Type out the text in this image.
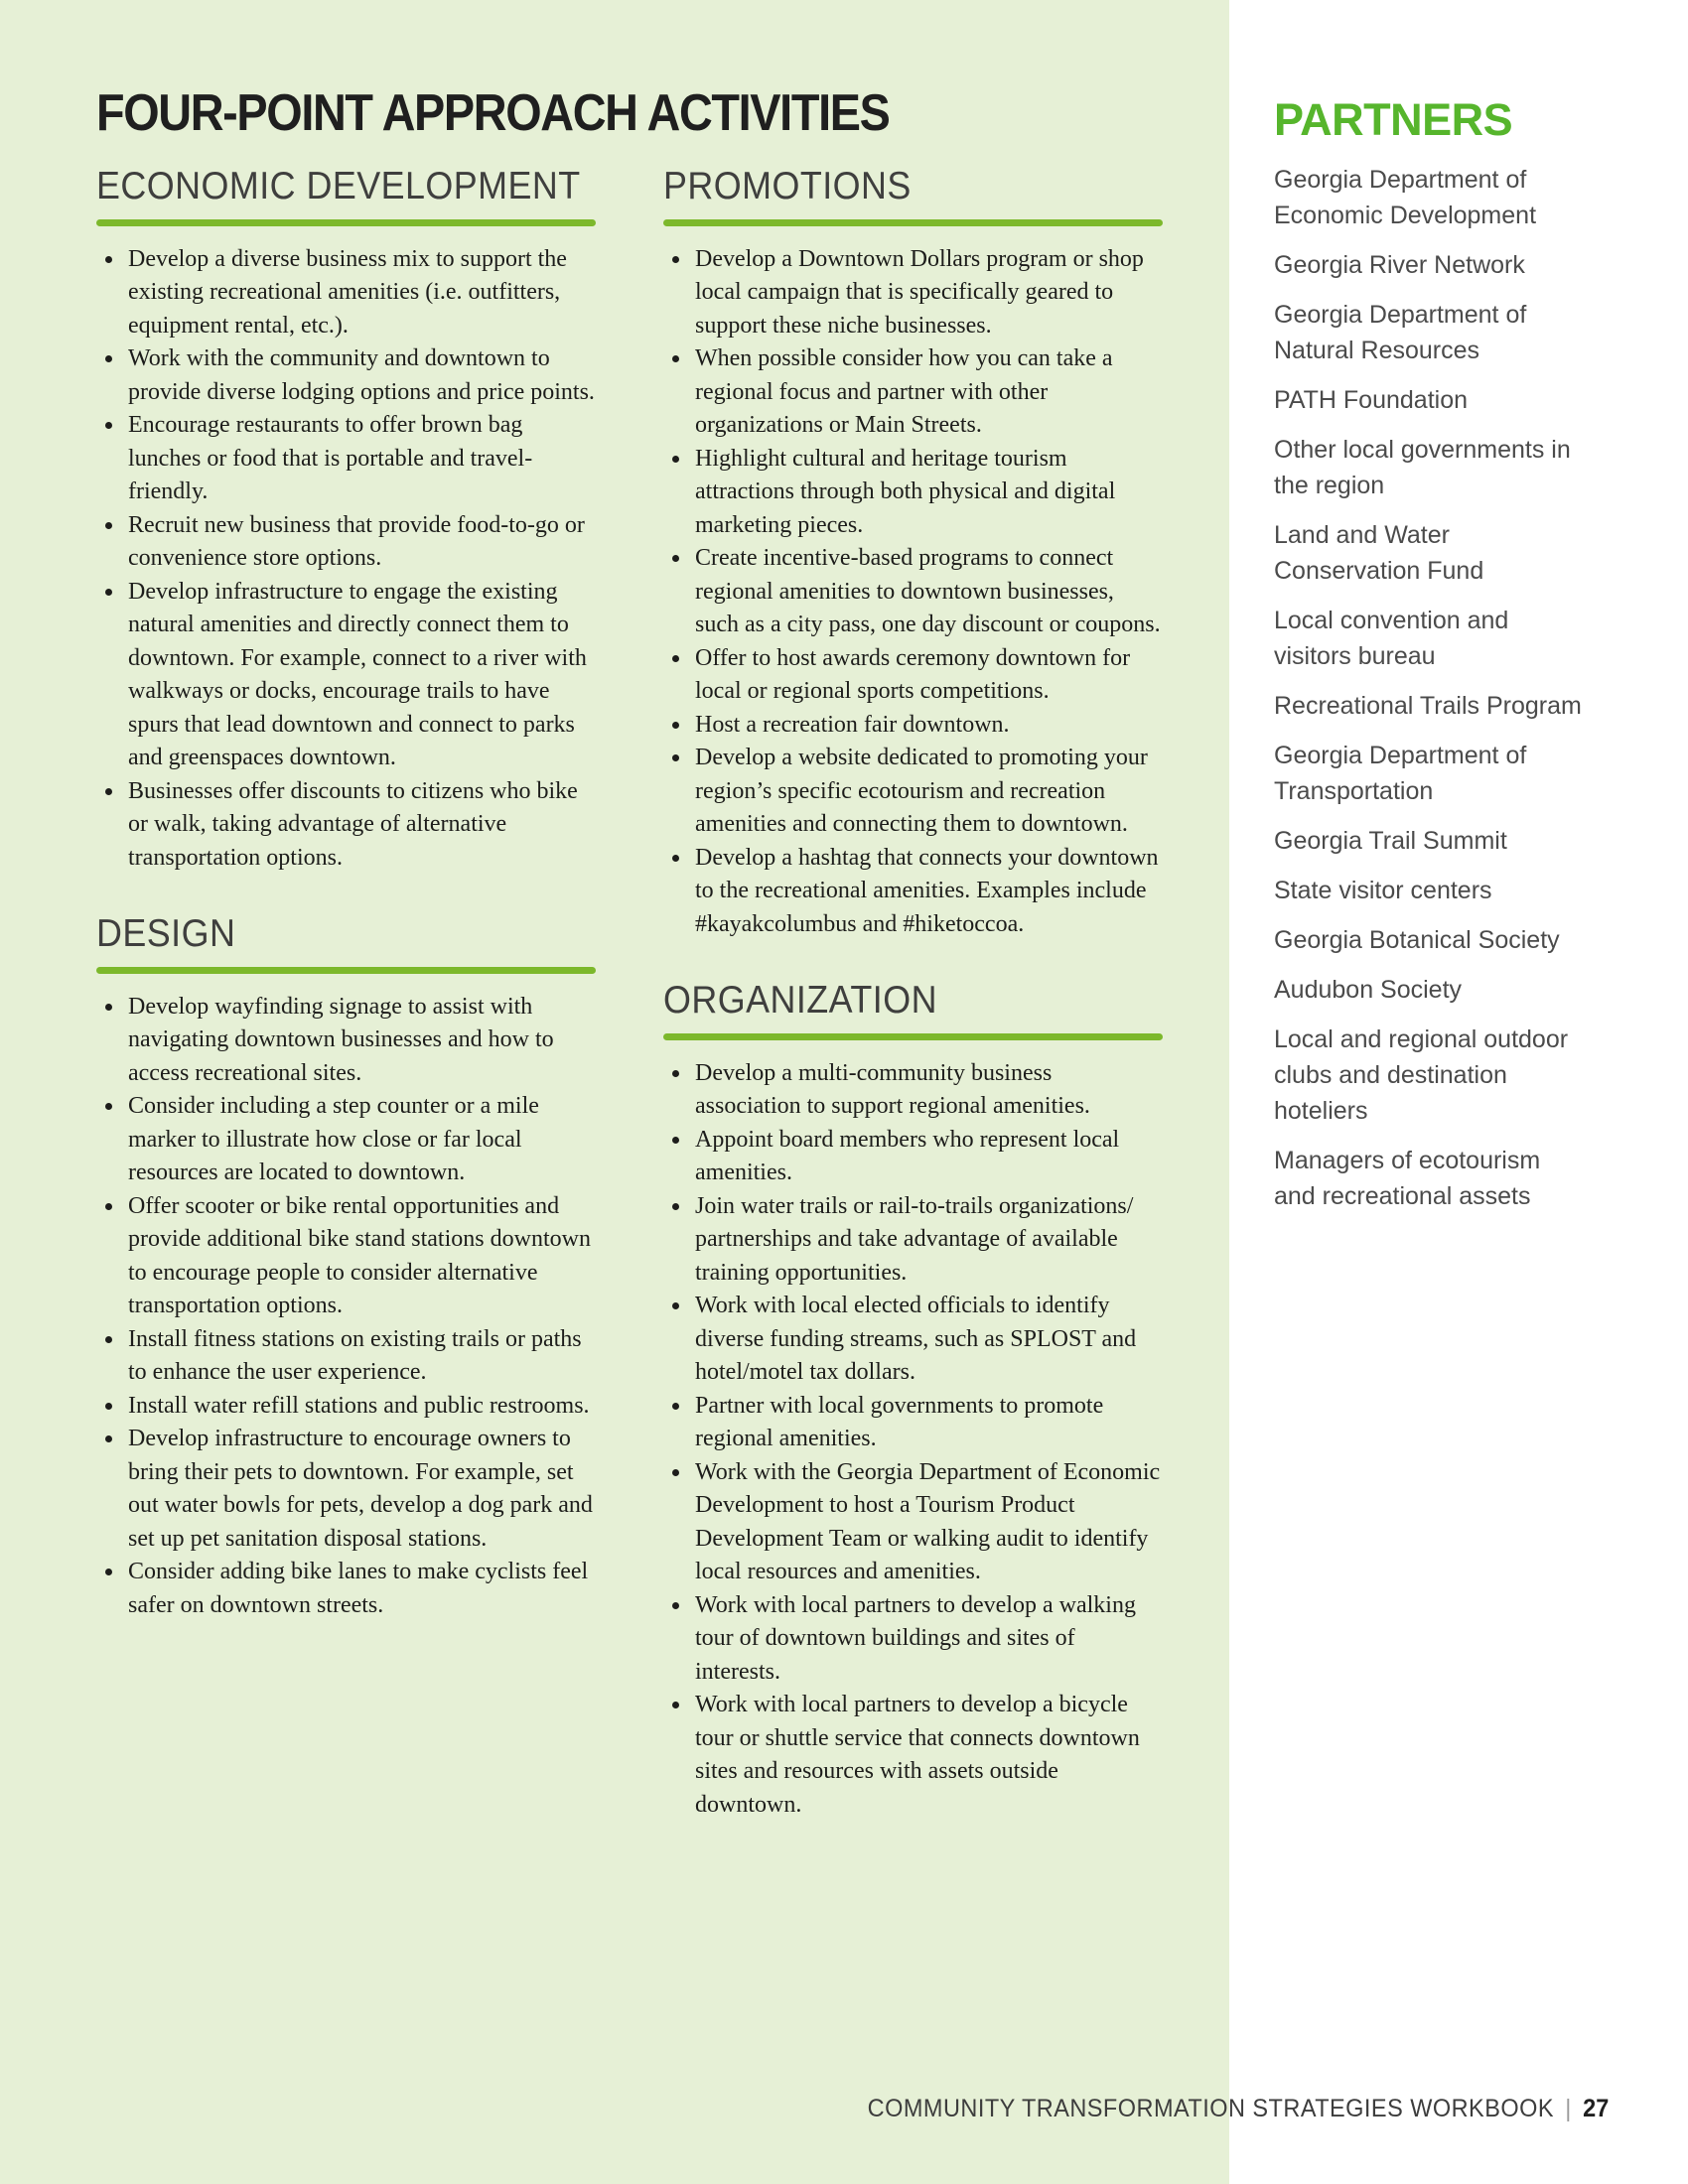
FOUR-POINT APPROACH ACTIVITIES
ECONOMIC DEVELOPMENT
Develop a diverse business mix to support the existing recreational amenities (i.e. outfitters, equipment rental, etc.).
Work with the community and downtown to provide diverse lodging options and price points.
Encourage restaurants to offer brown bag lunches or food that is portable and travel-friendly.
Recruit new business that provide food-to-go or convenience store options.
Develop infrastructure to engage the existing natural amenities and directly connect them to downtown. For example, connect to a river with walkways or docks, encourage trails to have spurs that lead downtown and connect to parks and greenspaces downtown.
Businesses offer discounts to citizens who bike or walk, taking advantage of alternative transportation options.
DESIGN
Develop wayfinding signage to assist with navigating downtown businesses and how to access recreational sites.
Consider including a step counter or a mile marker to illustrate how close or far local resources are located to downtown.
Offer scooter or bike rental opportunities and provide additional bike stand stations downtown to encourage people to consider alternative transportation options.
Install fitness stations on existing trails or paths to enhance the user experience.
Install water refill stations and public restrooms.
Develop infrastructure to encourage owners to bring their pets to downtown. For example, set out water bowls for pets, develop a dog park and set up pet sanitation disposal stations.
Consider adding bike lanes to make cyclists feel safer on downtown streets.
PROMOTIONS
Develop a Downtown Dollars program or shop local campaign that is specifically geared to support these niche businesses.
When possible consider how you can take a regional focus and partner with other organizations or Main Streets.
Highlight cultural and heritage tourism attractions through both physical and digital marketing pieces.
Create incentive-based programs to connect regional amenities to downtown businesses, such as a city pass, one day discount or coupons.
Offer to host awards ceremony downtown for local or regional sports competitions.
Host a recreation fair downtown.
Develop a website dedicated to promoting your region’s specific ecotourism and recreation amenities and connecting them to downtown.
Develop a hashtag that connects your downtown to the recreational amenities. Examples include #kayakcolumbus and #hiketoccoa.
ORGANIZATION
Develop a multi-community business association to support regional amenities.
Appoint board members who represent local amenities.
Join water trails or rail-to-trails organizations/ partnerships and take advantage of available training opportunities.
Work with local elected officials to identify diverse funding streams, such as SPLOST and hotel/motel tax dollars.
Partner with local governments to promote regional amenities.
Work with the Georgia Department of Economic Development to host a Tourism Product Development Team or walking audit to identify local resources and amenities.
Work with local partners to develop a walking tour of downtown buildings and sites of interests.
Work with local partners to develop a bicycle tour or shuttle service that connects downtown sites and resources with assets outside downtown.
PARTNERS
Georgia Department of Economic Development
Georgia River Network
Georgia Department of Natural Resources
PATH Foundation
Other local governments in the region
Land and Water Conservation Fund
Local convention and visitors bureau
Recreational Trails Program
Georgia Department of Transportation
Georgia Trail Summit
State visitor centers
Georgia Botanical Society
Audubon Society
Local and regional outdoor clubs and destination hoteliers
Managers of ecotourism and recreational assets
COMMUNITY TRANSFORMATION STRATEGIES WORKBOOK | 27
